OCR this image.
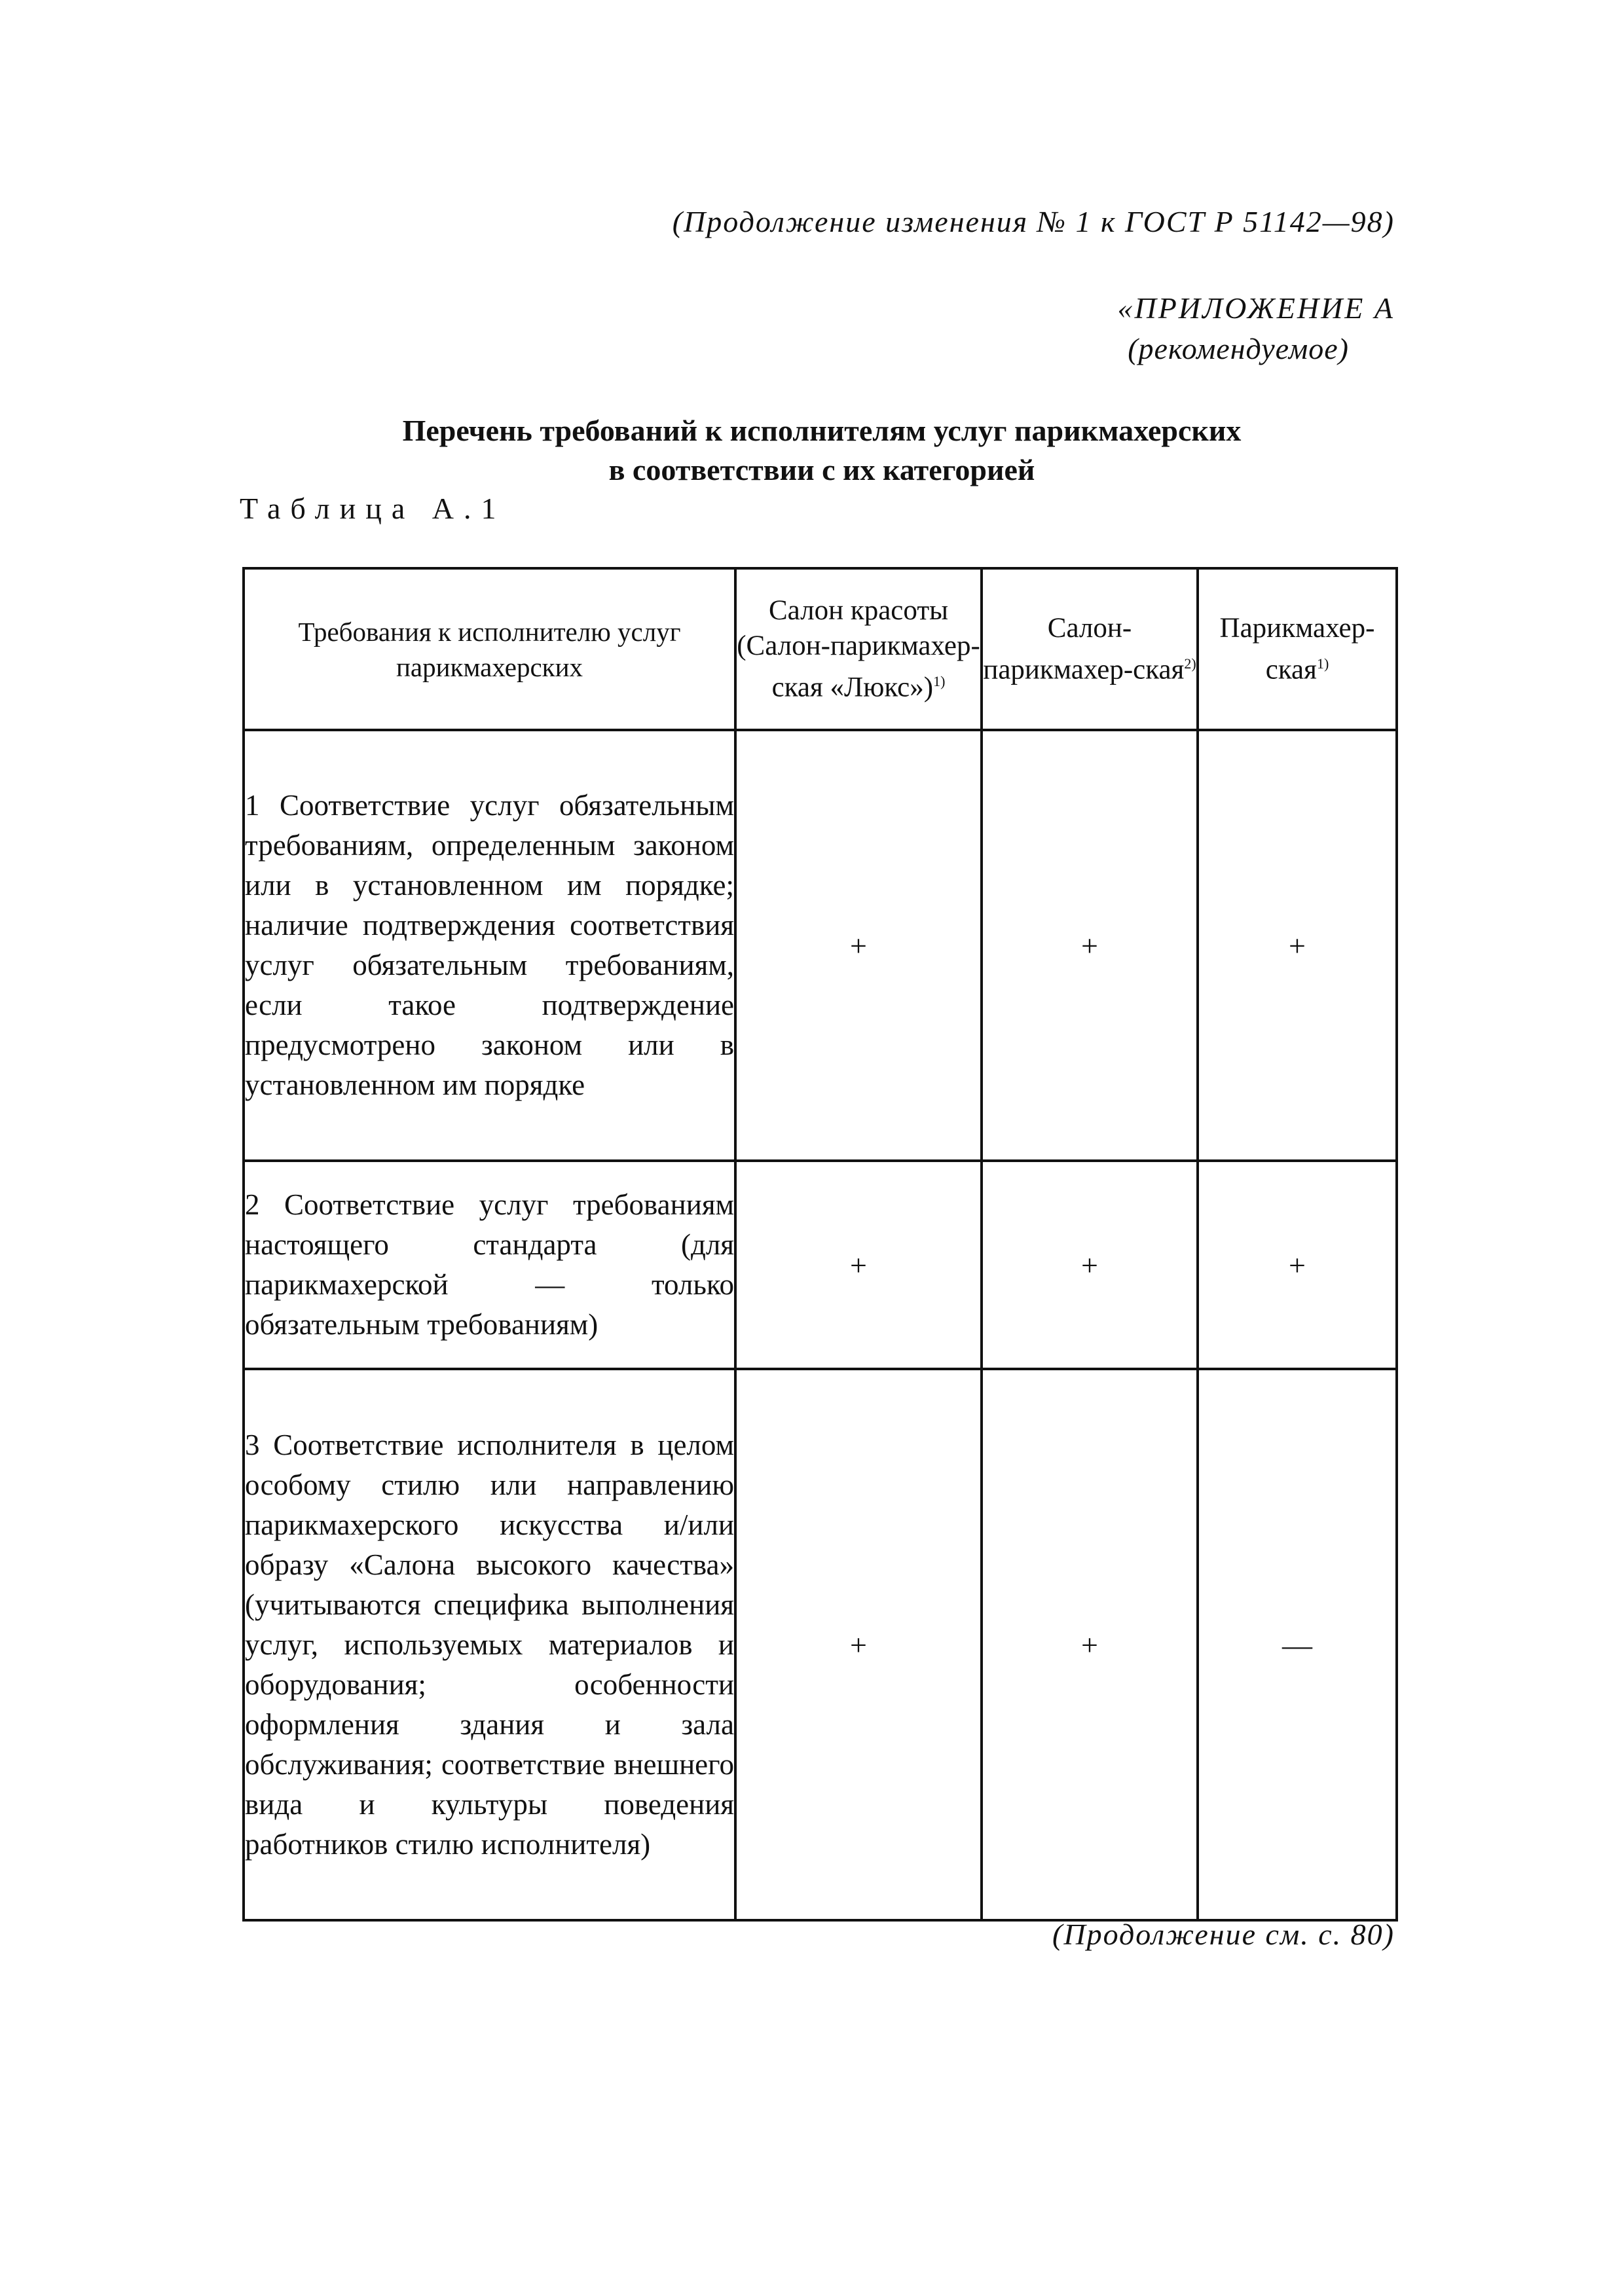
(Продолжение изменения № 1 к ГОСТ Р 51142—98)
«ПРИЛОЖЕНИЕ А
(рекомендуемое)
Перечень требований к исполнителям услуг парикмахерских
в соответствии с их категорией
Таблица А.1
Требования к исполнителю услуг парикмахерских	Салон красоты (Салон-парикмахер-ская «Люкс»)$^{1)}$	Салон-парикмахер-ская$^{2)}$	Парикмахер-ская$^{1)}$
1 Соответствие услуг обязательным требованиям, определенным законом или в установленном им порядке; наличие подтверждения соответствия услуг обязательным требованиям, если такое подтверждение предусмотрено законом или в установленном им порядке	+	+	+
2 Соответствие услуг требованиям настоящего стандарта (для парикмахерской — только обязательным требованиям)	+	+	+
3 Соответствие исполнителя в целом особому стилю или направлению парикмахерского искусства и/или образу «Салона высокого качества» (учитываются специфика выполнения услуг, используемых материалов и оборудования; особенности оформления здания и зала обслуживания; соответствие внешнего вида и культуры поведения работников стилю исполнителя)	+	+	—
(Продолжение см. с. 80)
